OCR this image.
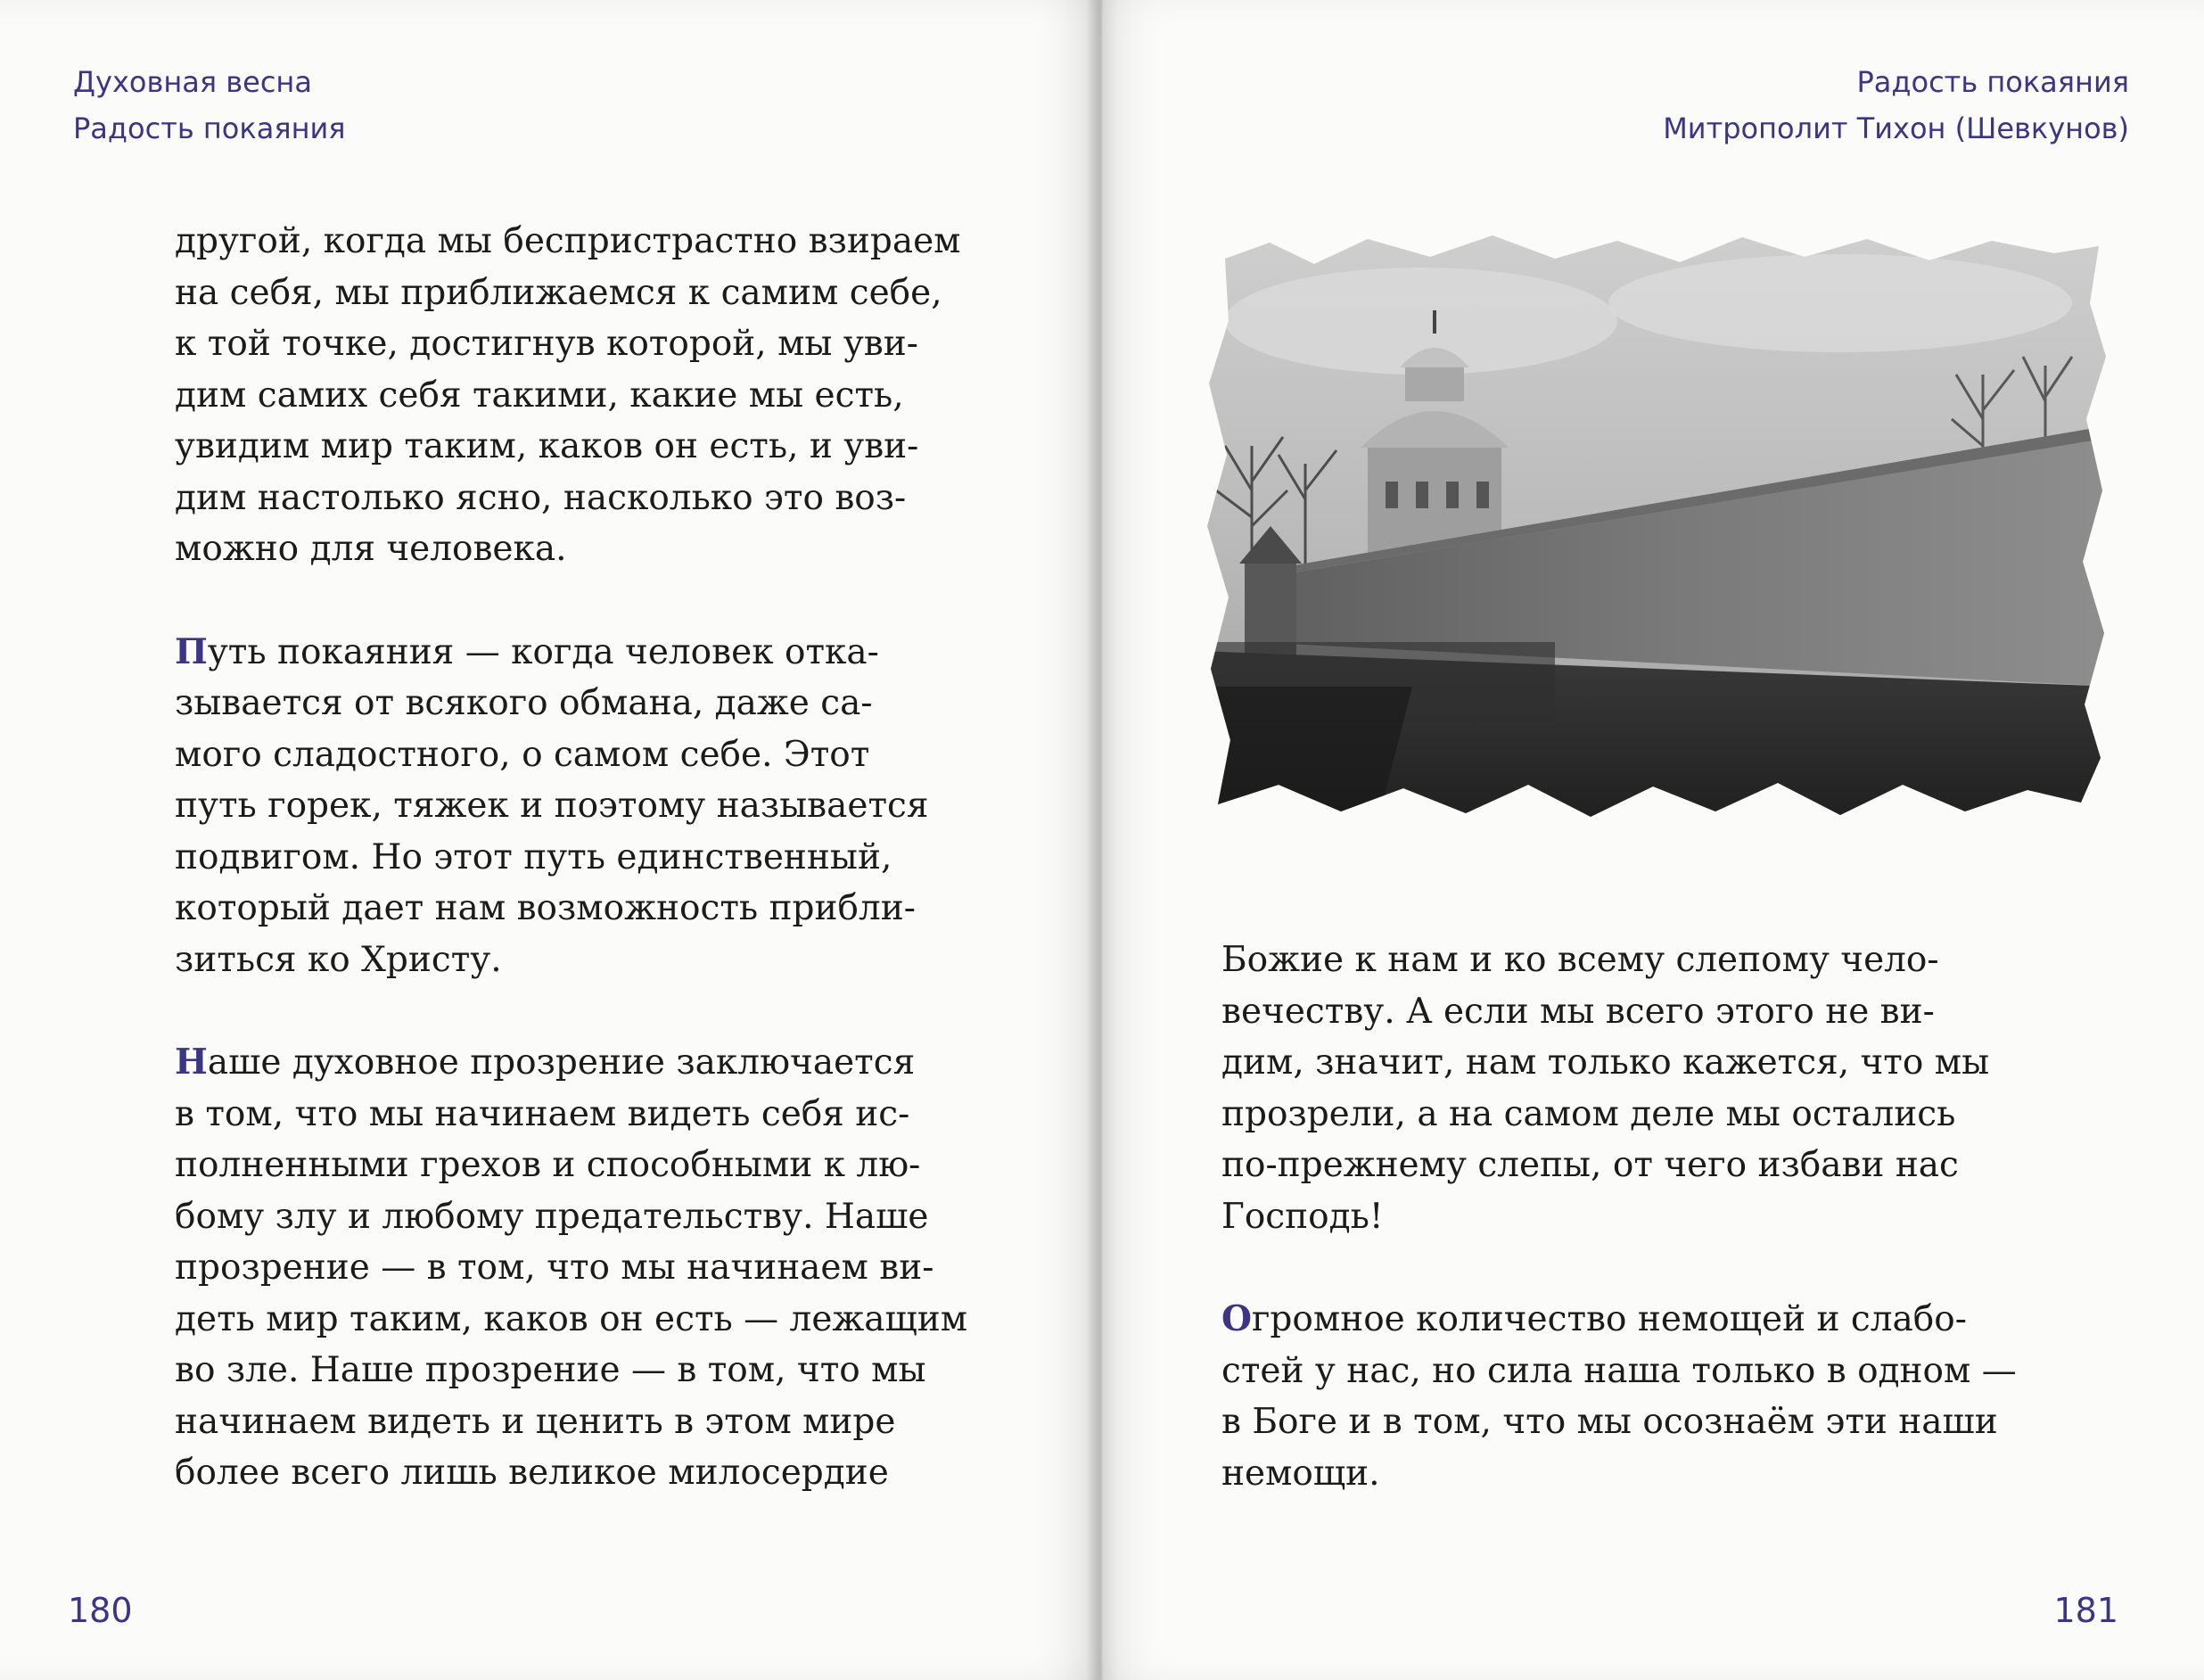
Духовная весна
Радость покаяния

другой, когда мы беспристрастно взираем
на себя, мы приближаемся к самим себе,
к той точке, достигнув которой, мы уви-
дим самих себя такими, какие мы есть,
увидим мир таким, каков он есть, и уви-
дим настолько ясно, насколько это воз-
можно для человека.

Путь покаяния — когда человек отка-
зывается от всякого обмана, даже са-
мого сладостного, о самом себе. Этот
путь горек, тяжек и поэтому называется
подвигом. Но этот путь единственный,
который дает нам возможность прибли-
зиться ко Христу.

Наше духовное прозрение заключается
в том, что мы начинаем видеть себя ис-
полненными грехов и способными к лю-
бому злу и любому предательству. Наше
прозрение — в том, что мы начинаем ви-
деть мир таким, каков он есть — лежащим
во зле. Наше прозрение — в том, что мы
начинаем видеть и ценить в этом мире
более всего лишь великое милосердие

180
Радость покаяния
Митрополит Тихон (Шевкунов)

Божие к нам и ко всему слепому чело-
вечеству. А если мы всего этого не ви-
дим, значит, нам только кажется, что мы
прозрели, а на самом деле мы остались
по-прежнему слепы, от чего избави нас
Господь!

Огромное количество немощей и слабо-
стей у нас, но сила наша только в одном —
в Боге и в том, что мы осознаём эти наши
немощи.

181
